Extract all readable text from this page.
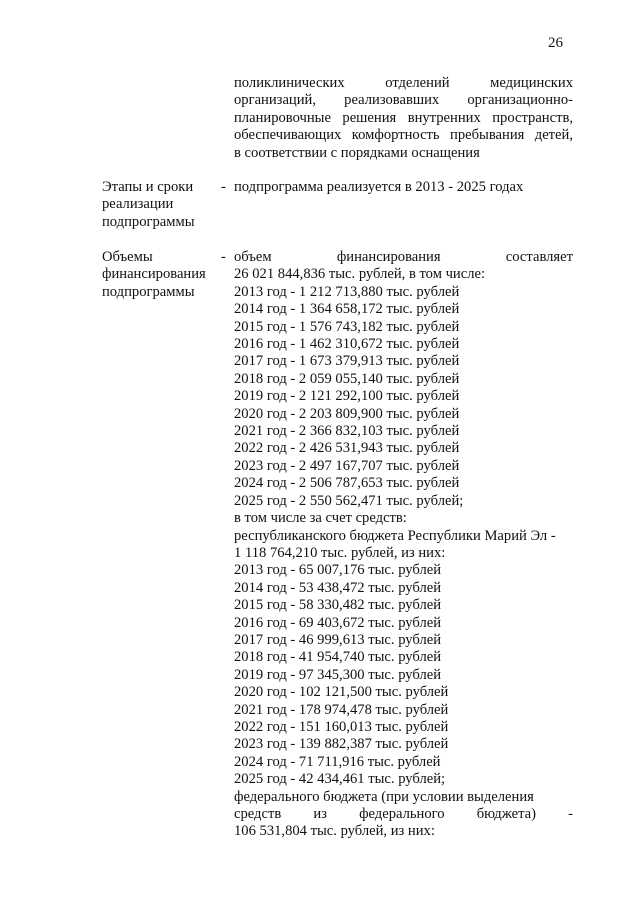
26
поликлинических отделений медицинских
организаций, реализовавших организационно-
планировочные решения внутренних пространств,
обеспечивающих комфортность пребывания детей,
в соответствии с порядками оснащения
Этапы и сроки
реализации
подпрограммы
- подпрограмма реализуется в 2013 - 2025 годах
Объемы
финансирования
подпрограммы
- объем	финансирования	составляет
26 021 844,836 тыс. рублей, в том числе:
2013 год - 1 212 713,880 тыс. рублей
2014 год - 1 364 658,172 тыс. рублей
2015 год - 1 576 743,182 тыс. рублей
2016 год - 1 462 310,672 тыс. рублей
2017 год - 1 673 379,913 тыс. рублей
2018 год - 2 059 055,140 тыс. рублей
2019 год - 2 121 292,100 тыс. рублей
2020 год - 2 203 809,900 тыс. рублей
2021 год - 2 366 832,103 тыс. рублей
2022 год - 2 426 531,943 тыс. рублей
2023 год - 2 497 167,707 тыс. рублей
2024 год - 2 506 787,653 тыс. рублей
2025 год - 2 550 562,471 тыс. рублей;
в том числе за счет средств:
республиканского бюджета Республики Марий Эл -
1 118 764,210 тыс. рублей, из них:
2013 год - 65 007,176 тыс. рублей
2014 год - 53 438,472 тыс. рублей
2015 год - 58 330,482 тыс. рублей
2016 год - 69 403,672 тыс. рублей
2017 год - 46 999,613 тыс. рублей
2018 год - 41 954,740 тыс. рублей
2019 год - 97 345,300 тыс. рублей
2020 год - 102 121,500 тыс. рублей
2021 год - 178 974,478 тыс. рублей
2022 год - 151 160,013 тыс. рублей
2023 год - 139 882,387 тыс. рублей
2024 год - 71 711,916 тыс. рублей
2025 год - 42 434,461 тыс. рублей;
федерального бюджета (при условии выделения
средств из федерального бюджета) -
106 531,804 тыс. рублей, из них:
